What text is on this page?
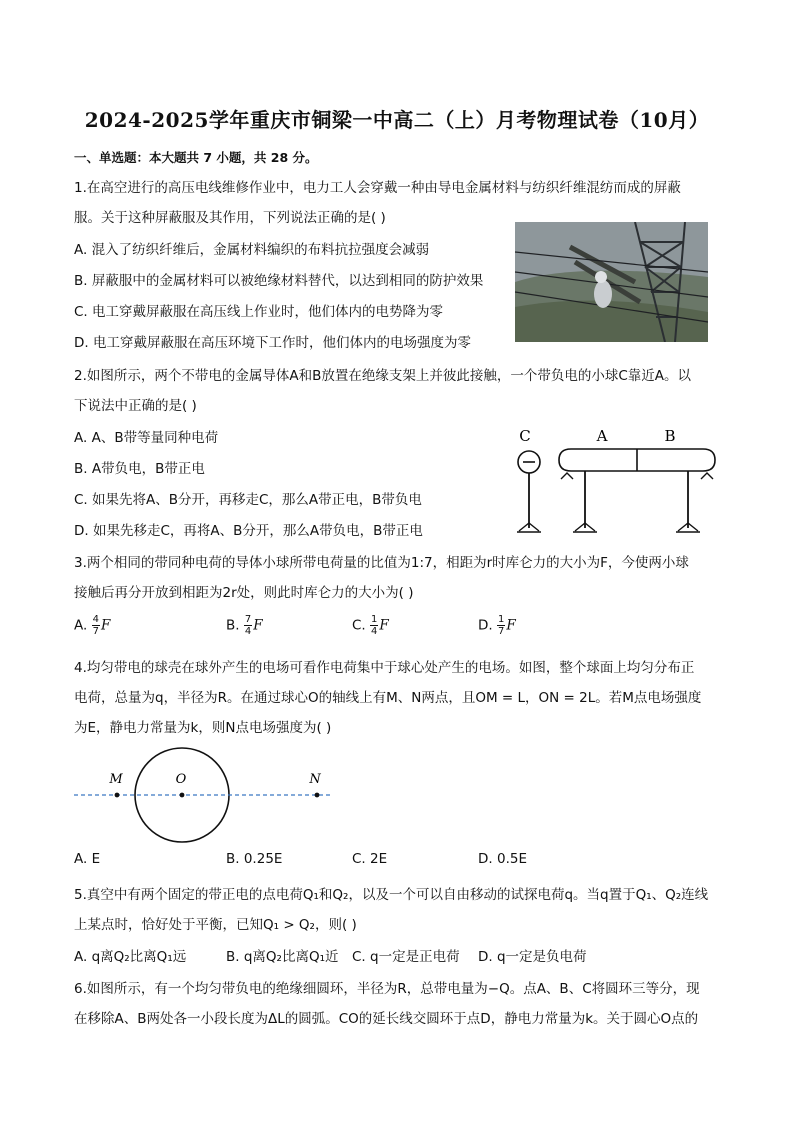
2024-2025学年重庆市铜梁一中高二（上）月考物理试卷（10月）
一、单选题：本大题共 7 小题，共 28 分。
1.在高空进行的高压电线维修作业中，电力工人会穿戴一种由导电金属材料与纺织纤维混纺而成的屏蔽
服。关于这种屏蔽服及其作用，下列说法正确的是( )
A. 混入了纺织纤维后，金属材料编织的布料抗拉强度会减弱
B. 屏蔽服中的金属材料可以被绝缘材料替代，以达到相同的防护效果
C. 电工穿戴屏蔽服在高压线上作业时，他们体内的电势降为零
D. 电工穿戴屏蔽服在高压环境下工作时，他们体内的电场强度为零
2.如图所示，两个不带电的金属导体A和B放置在绝缘支架上并彼此接触，一个带负电的小球C靠近A。以
下说法中正确的是( )
A. A、B带等量同种电荷
B. A带负电，B带正电
C. 如果先将A、B分开，再移走C，那么A带正电，B带负电
D. 如果先移走C，再将A、B分开，那么A带负电，B带正电
C	A	B
3.两个相同的带同种电荷的导体小球所带电荷量的比值为1:7，相距为r时库仑力的大小为F，今使两小球
接触后再分开放到相距为2r处，则此时库仑力的大小为( )
A. $\frac{4}{7}$ F	B. $\frac{7}{4}$ F	C. $\frac{1}{4}$ F	D. $\frac{1}{7}$ F
4.均匀带电的球壳在球外产生的电场可看作电荷集中于球心处产生的电场。如图，整个球面上均匀分布正
电荷，总量为q，半径为R。在通过球心O的轴线上有M、N两点，且OM = L，ON = 2L。若M点电场强度
为E，静电力常量为k，则N点电场强度为( )
M	O	N
A. E	B. 0.25E	C. 2E	D. 0.5E
5.真空中有两个固定的带正电的点电荷Q₁和Q₂，以及一个可以自由移动的试探电荷q。当q置于Q₁、Q₂连线
上某点时，恰好处于平衡，已知Q₁ > Q₂，则( )
A. q离Q₂比离Q₁远	B. q离Q₂比离Q₁近 C. q一定是正电荷 D. q一定是负电荷
6.如图所示，有一个均匀带负电的绝缘细圆环，半径为R，总带电量为−Q。点A、B、C将圆环三等分，现
在移除A、B两处各一小段长度为ΔL的圆弧。CO的延长线交圆环于点D，静电力常量为k。关于圆心O点的
